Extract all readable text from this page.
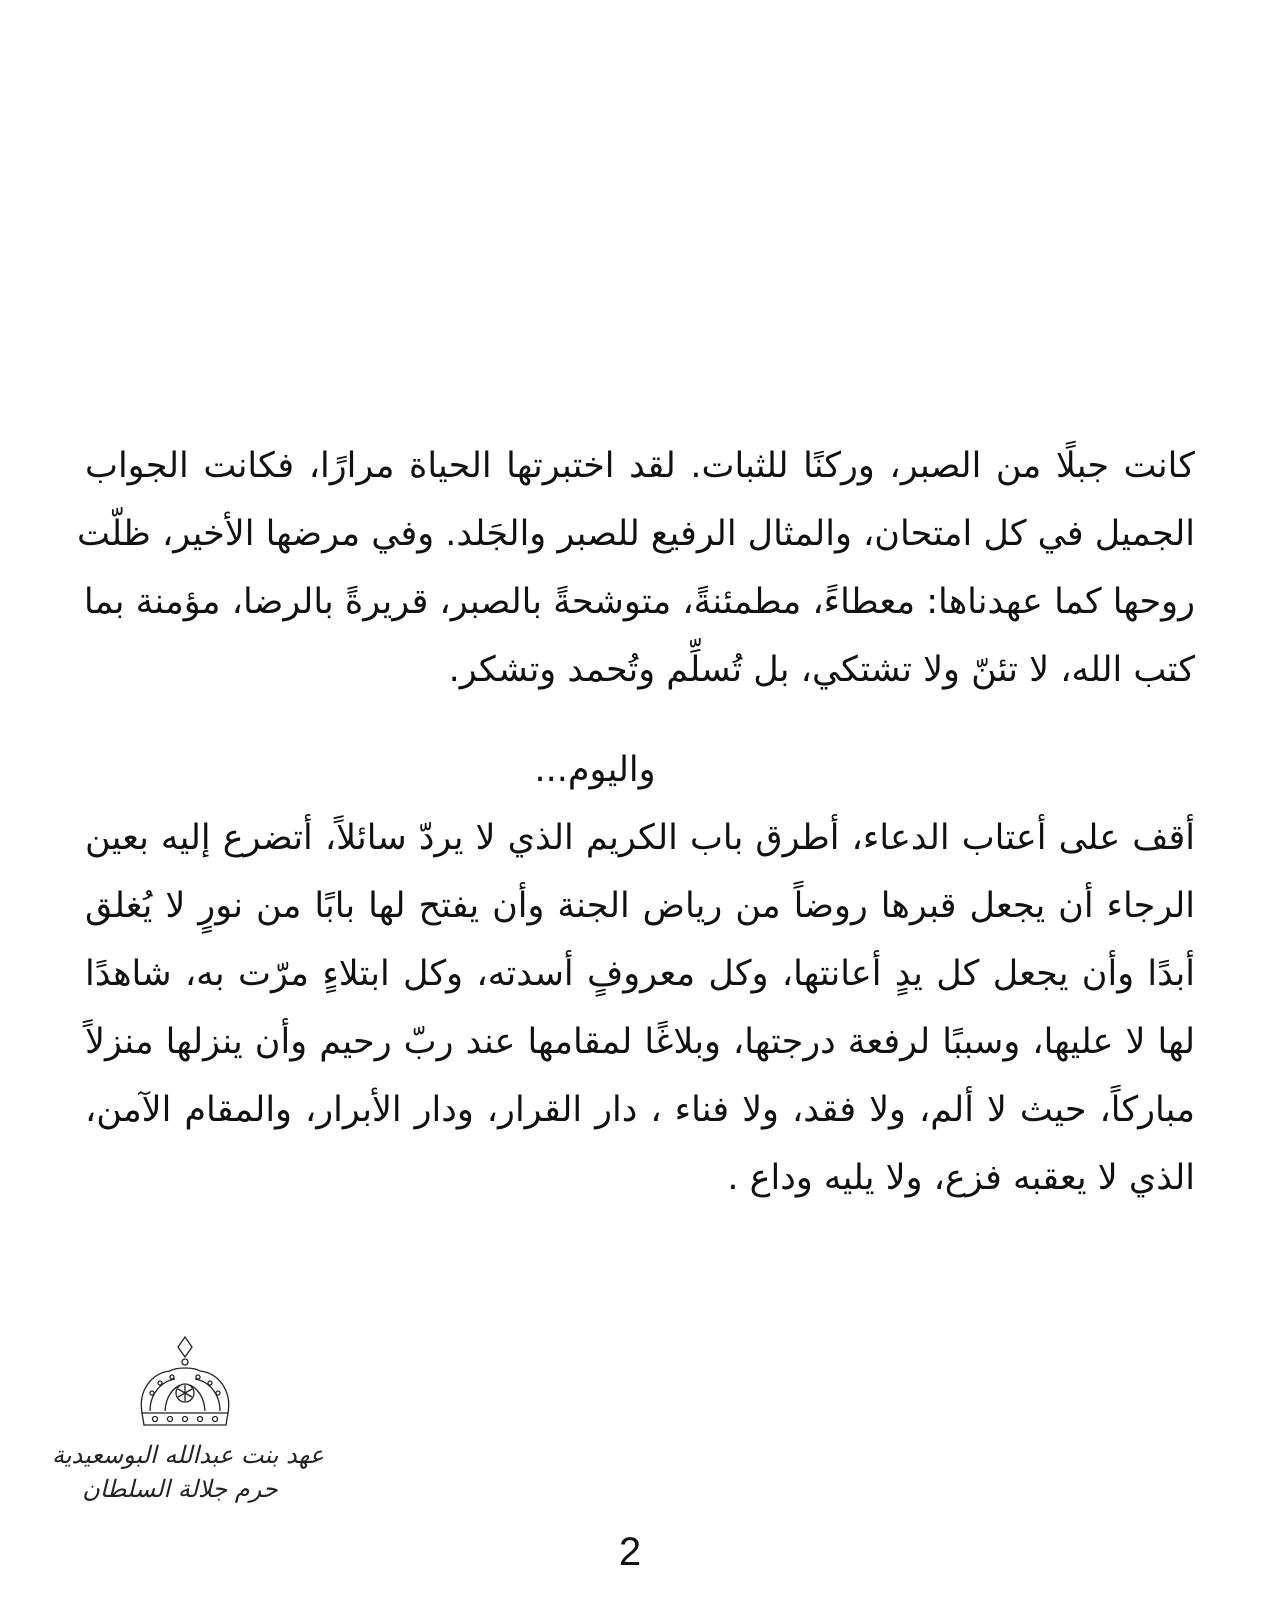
كانت جبلًا من الصبر، وركنًا للثبات. لقد اختبرتها الحياة مرارًا، فكانت الجواب
الجميل في كل امتحان، والمثال الرفيع للصبر والجَلد. وفي مرضها الأخير، ظلّت
روحها كما عهدناها: معطاءً، مطمئنةً، متوشحةً بالصبر، قريرةً بالرضا، مؤمنة بما
كتب الله، لا تئنّ ولا تشتكي، بل تُسلِّم وتُحمد وتشكر.
واليوم...
أقف على أعتاب الدعاء، أطرق باب الكريم الذي لا يردّ سائلاً، أتضرع إليه بعين
الرجاء أن يجعل قبرها روضاً من رياض الجنة وأن يفتح لها بابًا من نورٍ لا يُغلق
أبدًا وأن يجعل كل يدٍ أعانتها، وكل معروفٍ أسدته، وكل ابتلاءٍ مرّت به، شاهدًا
لها لا عليها، وسببًا لرفعة درجتها، وبلاغًا لمقامها عند ربّ رحيم وأن ينزلها منزلاً
مباركاً، حيث لا ألم، ولا فقد، ولا فناء ، دار القرار، ودار الأبرار، والمقام الآمن،
الذي لا يعقبه فزع، ولا يليه وداع .
عهد بنت عبدالله البوسعيدية
حرم جلالة السلطان
2
